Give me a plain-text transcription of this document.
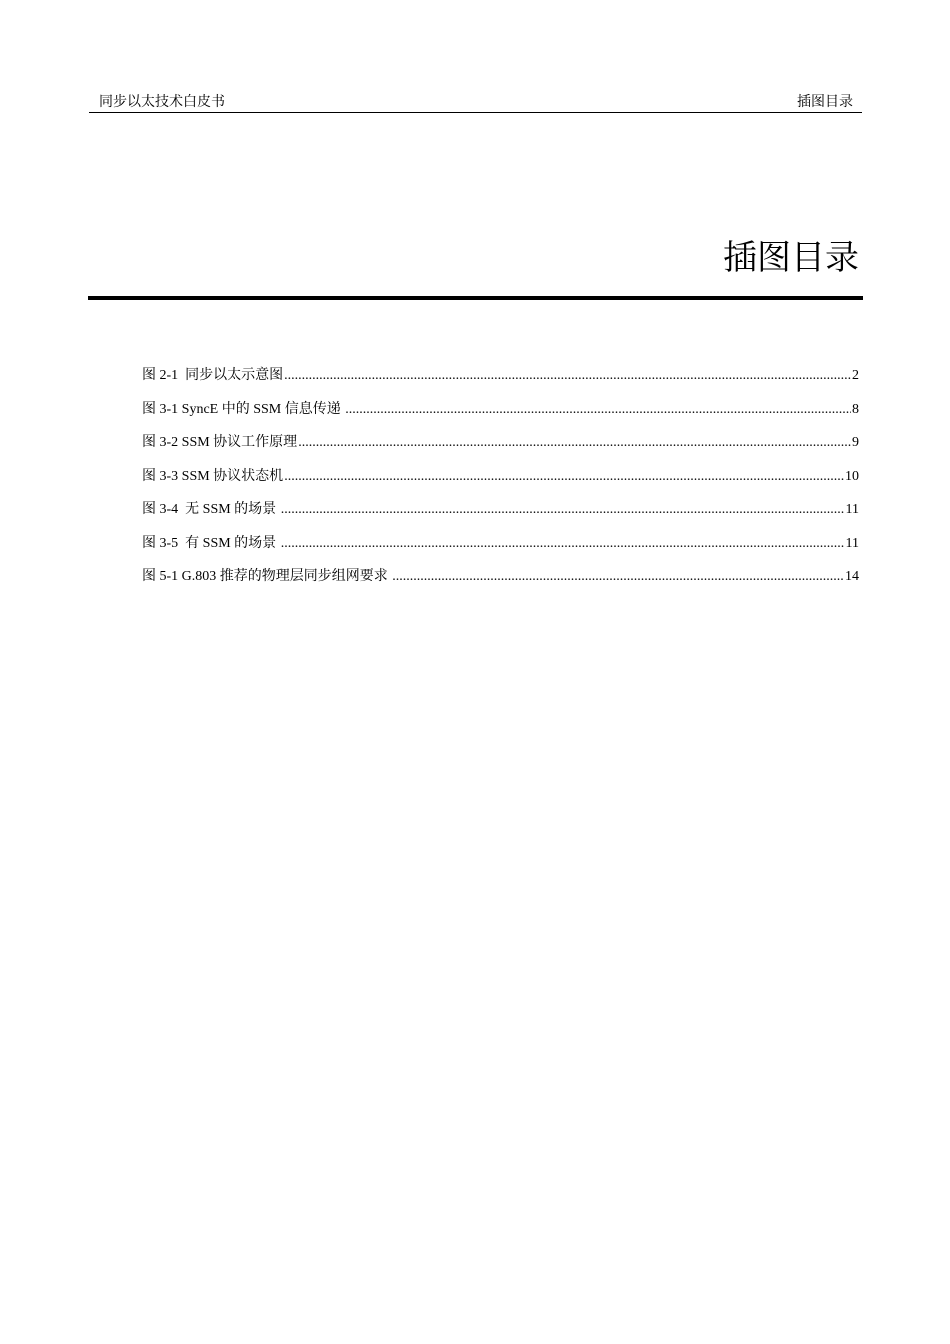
同步以太技术白皮书	插图目录
插图目录
图 2-1  同步以太示意图 .....	2
图 3-1 SyncE 中的 SSM 信息传递 .....	8
图 3-2 SSM 协议工作原理 .....	9
图 3-3 SSM 协议状态机 .....	10
图 3-4  无 SSM 的场景 .....	11
图 3-5  有 SSM 的场景 .....	11
图 5-1 G.803 推荐的物理层同步组网要求 .....	14
